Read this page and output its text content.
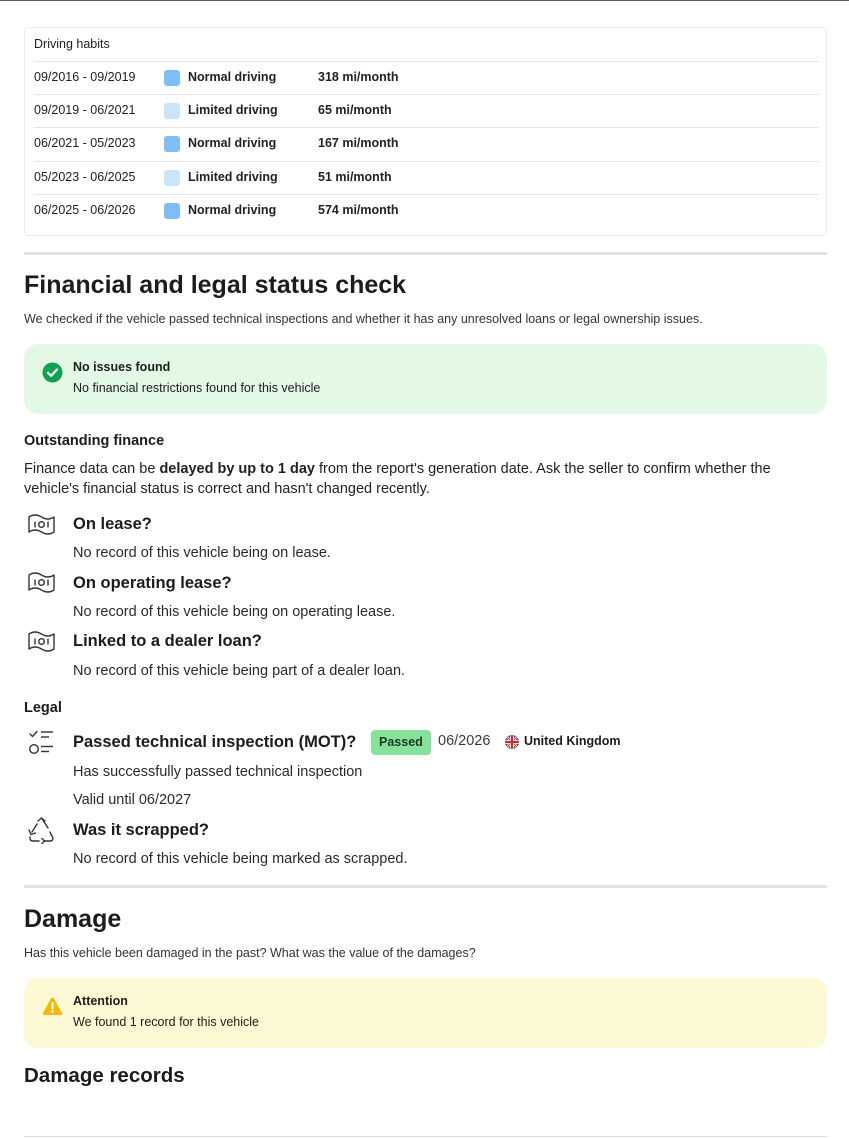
Driving habits
09/2016 - 09/2019	Normal driving	318 mi/month
09/2019 - 06/2021	Limited driving	65 mi/month
06/2021 - 05/2023	Normal driving	167 mi/month
05/2023 - 06/2025	Limited driving	51 mi/month
06/2025 - 06/2026	Normal driving	574 mi/month
Financial and legal status check
We checked if the vehicle passed technical inspections and whether it has any unresolved loans or legal ownership issues.
No issues found
No financial restrictions found for this vehicle
Outstanding finance
Finance data can be delayed by up to 1 day from the report's generation date. Ask the seller to confirm whether the vehicle's financial status is correct and hasn't changed recently.
On lease?
No record of this vehicle being on lease.
On operating lease?
No record of this vehicle being on operating lease.
Linked to a dealer loan?
No record of this vehicle being part of a dealer loan.
Legal
Passed technical inspection (MOT)?	Passed	06/2026	United Kingdom
Has successfully passed technical inspection
Valid until 06/2027
Was it scrapped?
No record of this vehicle being marked as scrapped.
Damage
Has this vehicle been damaged in the past? What was the value of the damages?
Attention
We found 1 record for this vehicle
Damage records
